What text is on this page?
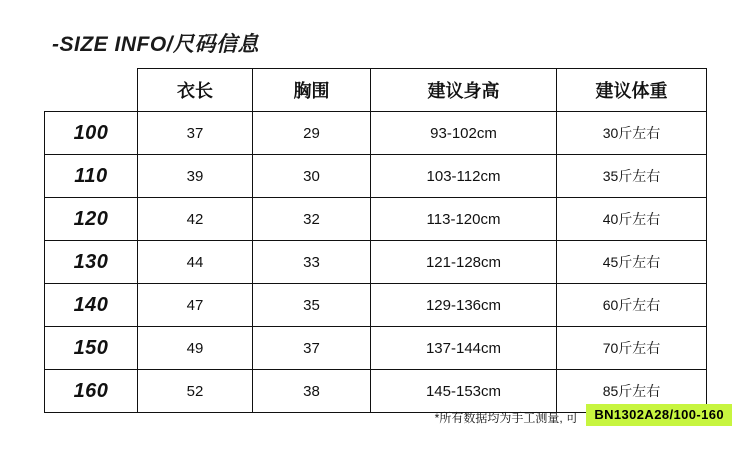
-SIZE INFO/尺码信息
	衣长	胸围	建议身高	建议体重
100	37	29	93-102cm	30斤左右
110	39	30	103-112cm	35斤左右
120	42	32	113-120cm	40斤左右
130	44	33	121-128cm	45斤左右
140	47	35	129-136cm	60斤左右
150	49	37	137-144cm	70斤左右
160	52	38	145-153cm	85斤左右
*所有数据均为手工测量, 可	BN1302A28/100-160
